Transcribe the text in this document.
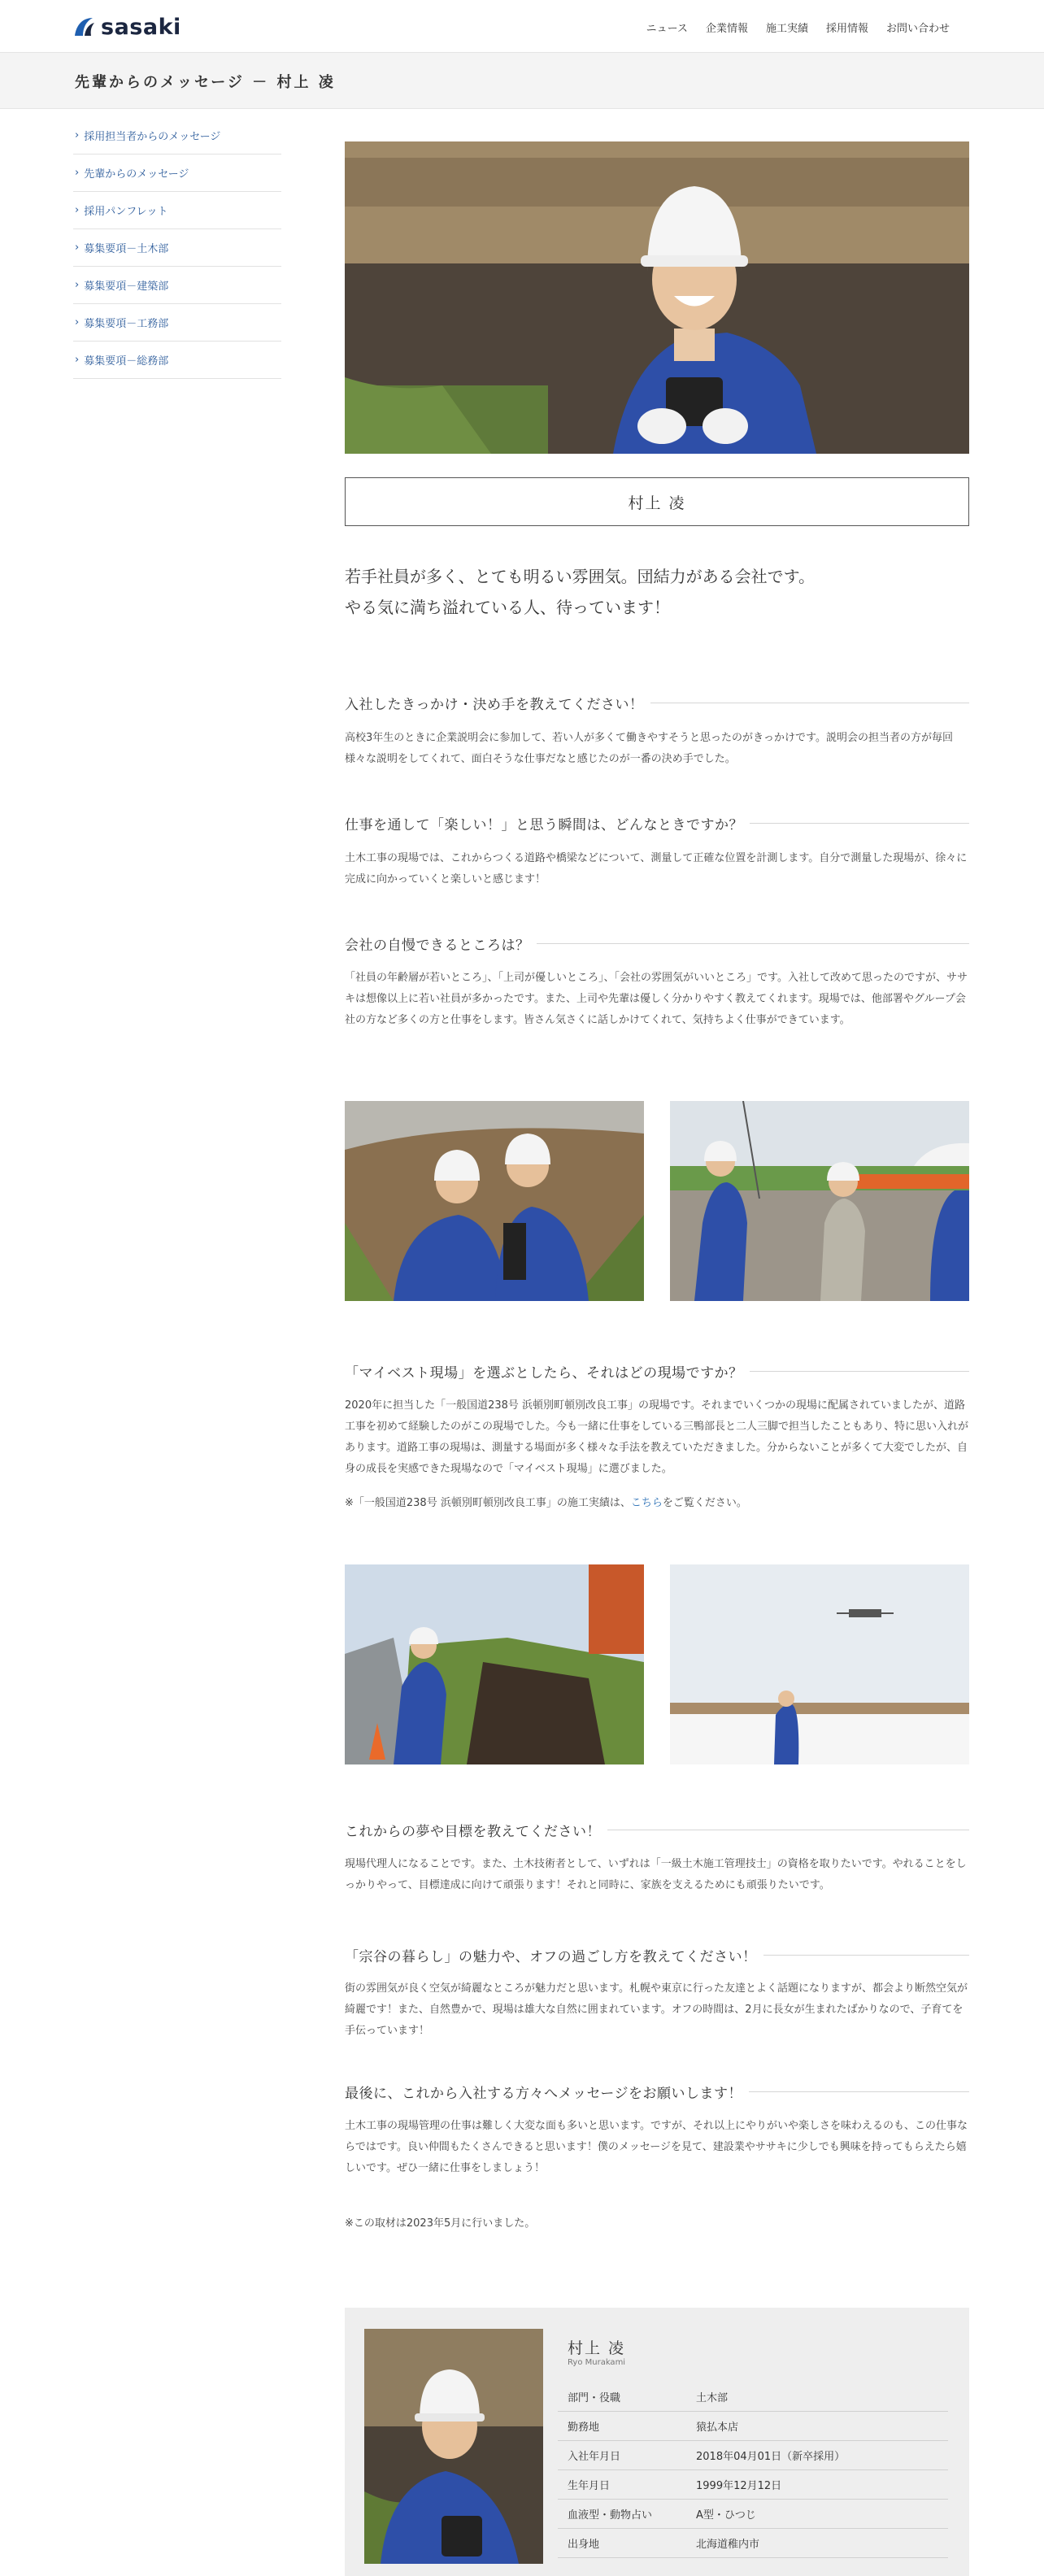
sasaki	ニュース 企業情報 施工実績 採用情報 お問い合わせ
先輩からのメッセージ － 村上 凌
› 採用担当者からのメッセージ
› 先輩からのメッセージ
› 採用パンフレット
› 募集要項－土木部
› 募集要項－建築部
› 募集要項－工務部
› 募集要項－総務部
村上 凌

若手社員が多く、とても明るい雰囲気。団結力がある会社です。

やる気に満ち溢れている人、待っています！

入社したきっかけ・決め手を教えてください！
高校3年生のときに企業説明会に参加して、若い人が多くて働きやすそうと思ったのがきっかけです。説明会の担当者の方が毎回様々な説明をしてくれて、面白そうな仕事だなと感じたのが一番の決め手でした。
仕事を通して「楽しい！」と思う瞬間は、どんなときですか？
土木工事の現場では、これからつくる道路や橋梁などについて、測量して正確な位置を計測します。自分で測量した現場が、徐々に完成に向かっていくと楽しいと感じます！
会社の自慢できるところは？
「社員の年齢層が若いところ」、「上司が優しいところ」、「会社の雰囲気がいいところ」です。入社して改めて思ったのですが、ササキは想像以上に若い社員が多かったです。また、上司や先輩は優しく分かりやすく教えてくれます。現場では、他部署やグループ会社の方など多くの方と仕事をします。皆さん気さくに話しかけてくれて、気持ちよく仕事ができています。
「マイベスト現場」を選ぶとしたら、それはどの現場ですか？
2020年に担当した「一般国道238号 浜頓別町頓別改良工事」の現場です。それまでいくつかの現場に配属されていましたが、道路工事を初めて経験したのがこの現場でした。今も一緒に仕事をしている三鴨部長と二人三脚で担当したこともあり、特に思い入れがあります。道路工事の現場は、測量する場面が多く様々な手法を教えていただきました。分からないことが多くて大変でしたが、自身の成長を実感できた現場なので「マイベスト現場」に選びました。
※「一般国道238号 浜頓別町頓別改良工事」の施工実績は、こちらをご覧ください。
これからの夢や目標を教えてください！
現場代理人になることです。また、土木技術者として、いずれは「一級土木施工管理技士」の資格を取りたいです。やれることをしっかりやって、目標達成に向けて頑張ります！それと同時に、家族を支えるためにも頑張りたいです。
「宗谷の暮らし」の魅力や、オフの過ごし方を教えてください！
街の雰囲気が良く空気が綺麗なところが魅力だと思います。札幌や東京に行った友達とよく話題になりますが、都会より断然空気が綺麗です！また、自然豊かで、現場は雄大な自然に囲まれています。オフの時間は、2月に長女が生まれたばかりなので、子育てを手伝っています！
最後に、これから入社する方々へメッセージをお願いします！
土木工事の現場管理の仕事は難しく大変な面も多いと思います。ですが、それ以上にやりがいや楽しさを味わえるのも、この仕事ならではです。良い仲間もたくさんできると思います！僕のメッセージを見て、建設業やササキに少しでも興味を持ってもらえたら嬉しいです。ぜひ一緒に仕事をしましょう！
※この取材は2023年5月に行いました。
村上 凌
Ryo Murakami
部門・役職	土木部
勤務地	猿払本店
入社年月日	2018年04月01日（新卒採用）
生年月日	1999年12月12日
血液型・動物占い	A型・ひつじ
出身地	北海道稚内市
